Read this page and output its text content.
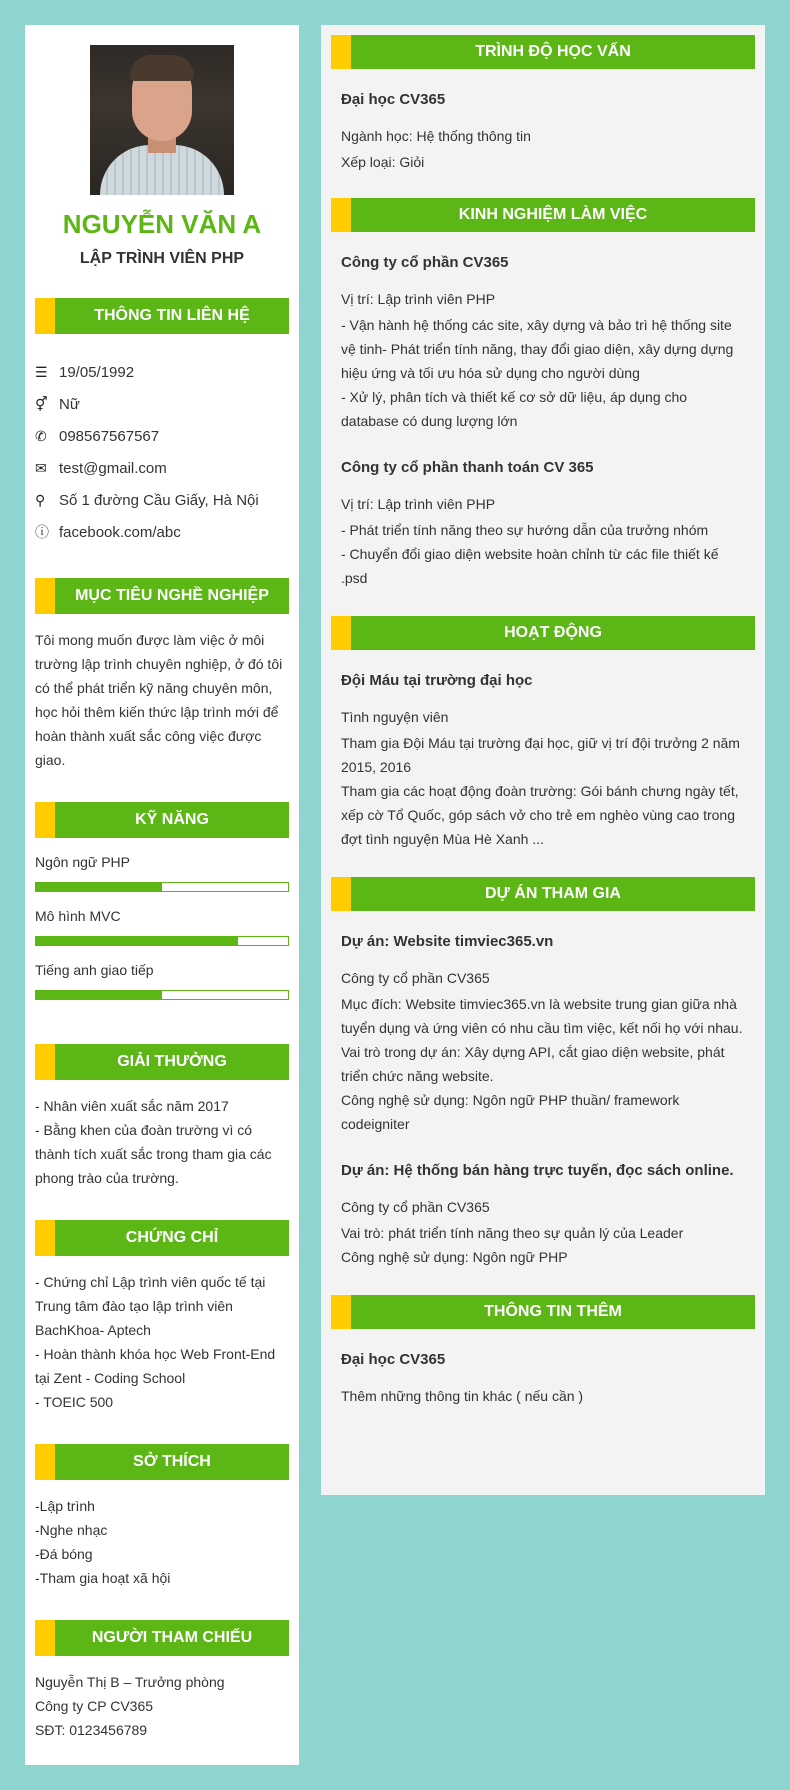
NGUYỄN VĂN A
LẬP TRÌNH VIÊN PHP
THÔNG TIN LIÊN HỆ
☰ 19/05/1992
⚥ Nữ
✆ 098567567567
✉ test@gmail.com
⚲ Số 1 đường Cầu Giấy, Hà Nội
ⓘ facebook.com/abc
MỤC TIÊU NGHỀ NGHIỆP
Tôi mong muốn được làm việc ở môi trường lập trình chuyên nghiệp, ở đó tôi có thể phát triển kỹ năng chuyên môn, học hỏi thêm kiến thức lập trình mới để hoàn thành xuất sắc công việc được giao.
KỸ NĂNG
Ngôn ngữ PHP
Mô hình MVC
Tiếng anh giao tiếp
GIẢI THƯỞNG
- Nhân viên xuất sắc năm 2017
- Bằng khen của đoàn trường vì có thành tích xuất sắc trong tham gia các phong trào của trường.
CHỨNG CHỈ
- Chứng chỉ Lập trình viên quốc tế tại Trung tâm đào tạo lập trình viên BachKhoa- Aptech
- Hoàn thành khóa học Web Front-End tại Zent - Coding School
- TOEIC 500
SỞ THÍCH
-Lập trình
-Nghe nhạc
-Đá bóng
-Tham gia hoạt xã hội
NGƯỜI THAM CHIẾU
Nguyễn Thị B – Trưởng phòng
Công ty CP CV365
SĐT: 0123456789
TRÌNH ĐỘ HỌC VẤN
Đại học CV365
Ngành học: Hệ thống thông tin
Xếp loại: Giỏi
KINH NGHIỆM LÀM VIỆC
Công ty cổ phần CV365
Vị trí: Lập trình viên PHP
- Vận hành hệ thống các site, xây dựng và bảo trì hệ thống site vệ tinh- Phát triển tính năng, thay đổi giao diện, xây dựng dựng hiệu ứng và tối ưu hóa sử dụng cho người dùng
- Xử lý, phân tích và thiết kế cơ sở dữ liệu, áp dụng cho database có dung lượng lớn
Công ty cổ phần thanh toán CV 365
Vị trí: Lập trình viên PHP
- Phát triển tính năng theo sự hướng dẫn của trưởng nhóm
- Chuyển đổi giao diện website hoàn chỉnh từ các file thiết kế .psd
HOẠT ĐỘNG
Đội Máu tại trường đại học
Tình nguyện viên
Tham gia Đội Máu tại trường đại học, giữ vị trí đội trưởng 2 năm 2015, 2016
Tham gia các hoạt động đoàn trường: Gói bánh chưng ngày tết, xếp cờ Tổ Quốc, góp sách vở cho trẻ em nghèo vùng cao trong đợt tình nguyện Mùa Hè Xanh ...
DỰ ÁN THAM GIA
Dự án: Website timviec365.vn
Công ty cổ phần CV365
Mục đích: Website timviec365.vn là website trung gian giữa nhà tuyển dụng và ứng viên có nhu cầu tìm việc, kết nối họ với nhau.
Vai trò trong dự án: Xây dựng API, cắt giao diện website, phát triển chức năng website.
Công nghệ sử dụng: Ngôn ngữ PHP thuần/ framework codeigniter
Dự án: Hệ thống bán hàng trực tuyến, đọc sách online.
Công ty cổ phần CV365
Vai trò: phát triển tính năng theo sự quản lý của Leader
Công nghệ sử dụng: Ngôn ngữ PHP
THÔNG TIN THÊM
Đại học CV365
Thêm những thông tin khác ( nếu cần )
